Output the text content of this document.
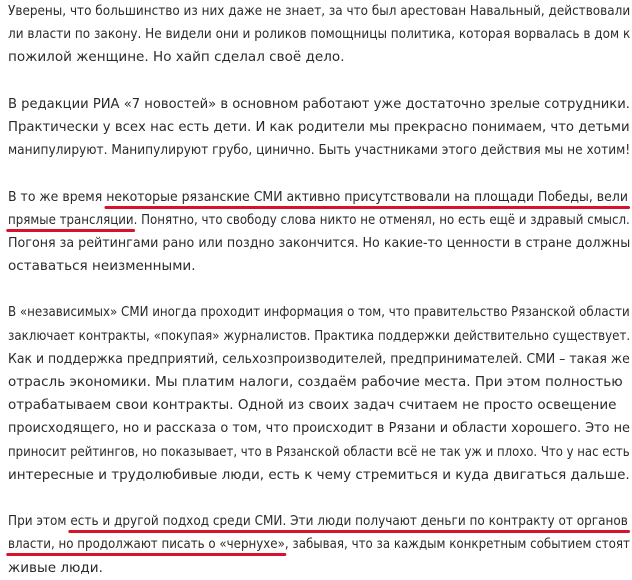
Уверены, что большинство из них даже не знает, за что был арестован Навальный, действовали
ли власти по закону. Не видели они и роликов помощницы политика, которая ворвалась в дом к
пожилой женщине. Но хайп сделал своё дело.
В редакции РИА «7 новостей» в основном работают уже достаточно зрелые сотрудники.
Практически у всех нас есть дети. И как родители мы прекрасно понимаем, что детьми
манипулируют. Манипулируют грубо, цинично. Быть участниками этого действия мы не хотим!
В то же время некоторые рязанские СМИ активно присутствовали на площади Победы, вели
прямые трансляции
. Понятно, что свободу слова никто не отменял, но есть ещё и здравый смысл.
Погоня за рейтингами рано или поздно закончится. Но какие-то ценности в стране должны
оставаться неизменными.
В «независимых» СМИ иногда проходит информация о том, что правительство Рязанской области
заключает контракты, «покупая» журналистов. Практика поддержки действительно существует.
Как и поддержка предприятий, сельхозпроизводителей, предпринимателей. СМИ – такая же
отрасль экономики. Мы платим налоги, создаём рабочие места. При этом полностью
отрабатываем свои контракты. Одной из своих задач считаем не просто освещение
происходящего, но и рассказа о том, что происходит в Рязани и области хорошего. Это не
приносит рейтингов, но показывает, что в Рязанской области всё не так уж и плохо. Что у нас есть
интересные и трудолюбивые люди, есть к чему стремиться и куда двигаться дальше.
При этом есть и другой подход среди СМИ. Эти люди получают деньги по контракту от органов
власти, но продолжают писать о «чернухе»
, забывая, что за каждым конкретным событием стоят
живые люди.
